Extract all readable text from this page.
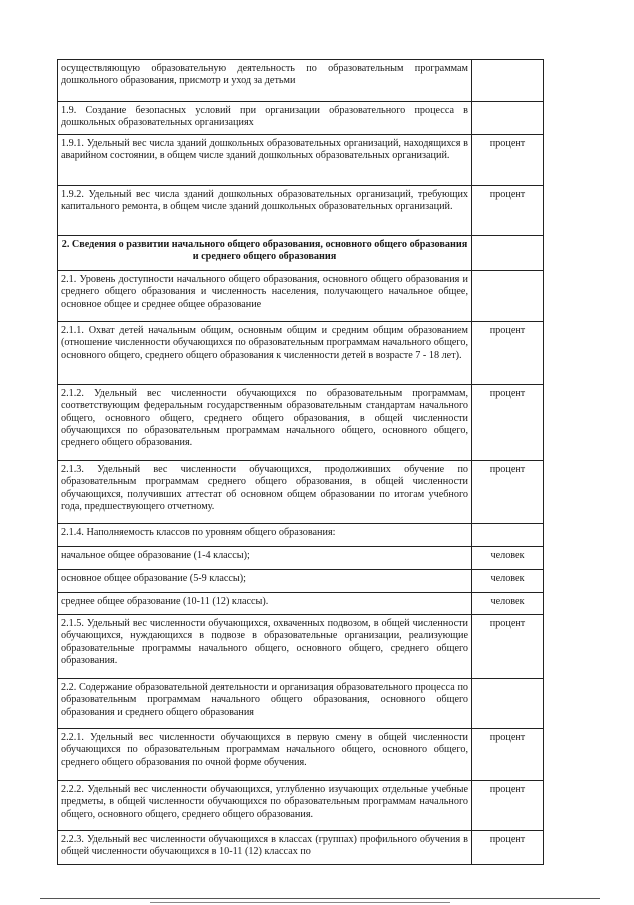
осуществляющую образовательную деятельность по образовательным программам дошкольного образования, присмотр и уход за детьми	
1.9. Создание безопасных условий при организации образовательного процесса в дошкольных образовательных организациях	
1.9.1. Удельный вес числа зданий дошкольных образовательных организаций, находящихся в аварийном состоянии, в общем числе зданий дошкольных образовательных организаций.	процент
1.9.2. Удельный вес числа зданий дошкольных образовательных организаций, требующих капитального ремонта, в общем числе зданий дошкольных образовательных организаций.	процент
2. Сведения о развитии начального общего образования, основного общего образования и среднего общего образования	
2.1. Уровень доступности начального общего образования, основного общего образования и среднего общего образования и численность населения, получающего начальное общее, основное общее и среднее общее образование	
2.1.1. Охват детей начальным общим, основным общим и средним общим образованием (отношение численности обучающихся по образовательным программам начального общего, основного общего, среднего общего образования к численности детей в возрасте 7 - 18 лет).	процент
2.1.2. Удельный вес численности обучающихся по образовательным программам, соответствующим федеральным государственным образовательным стандартам начального общего, основного общего, среднего общего образования, в общей численности обучающихся по образовательным программам начального общего, основного общего, среднего общего образования.	процент
2.1.3. Удельный вес численности обучающихся, продолживших обучение по образовательным программам среднего общего образования, в общей численности обучающихся, получивших аттестат об основном общем образовании по итогам учебного года, предшествующего отчетному.	процент
2.1.4. Наполняемость классов по уровням общего образования:	
начальное общее образование (1-4 классы);	человек
основное общее образование (5-9 классы);	человек
среднее общее образование (10-11 (12) классы).	человек
2.1.5. Удельный вес численности обучающихся, охваченных подвозом, в общей численности обучающихся, нуждающихся в подвозе в образовательные организации, реализующие образовательные программы начального общего, основного общего, среднего общего образования.	процент
2.2. Содержание образовательной деятельности и организация образовательного процесса по образовательным программам начального общего образования, основного общего образования и среднего общего образования	
2.2.1. Удельный вес численности обучающихся в первую смену в общей численности обучающихся по образовательным программам начального общего, основного общего, среднего общего образования по очной форме обучения.	процент
2.2.2. Удельный вес численности обучающихся, углубленно изучающих отдельные учебные предметы, в общей численности обучающихся по образовательным программам начального общего, основного общего, среднего общего образования.	процент
2.2.3. Удельный вес численности обучающихся в классах (группах) профильного обучения в общей численности обучающихся в 10-11 (12) классах по	процент
